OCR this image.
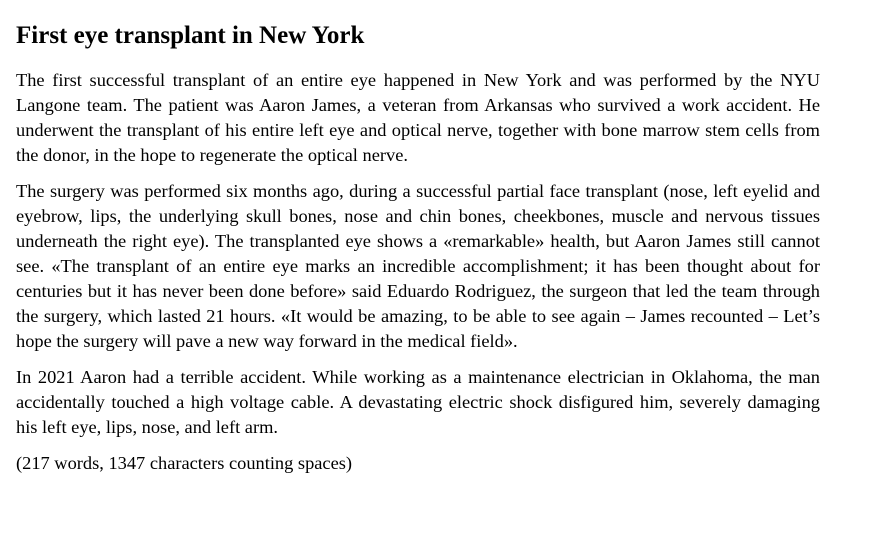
First eye transplant in New York

The first successful transplant of an entire eye happened in New York and was performed by the NYU Langone team. The patient was Aaron James, a veteran from Arkansas who survived a work accident. He underwent the transplant of his entire left eye and optical nerve, together with bone marrow stem cells from the donor, in the hope to regenerate the optical nerve.

The surgery was performed six months ago, during a successful partial face transplant (nose, left eyelid and eyebrow, lips, the underlying skull bones, nose and chin bones, cheekbones, muscle and nervous tissues underneath the right eye). The transplanted eye shows a «remarkable» health, but Aaron James still cannot see. «The transplant of an entire eye marks an incredible accomplishment; it has been thought about for centuries but it has never been done before» said Eduardo Rodriguez, the surgeon that led the team through the surgery, which lasted 21 hours. «It would be amazing, to be able to see again – James recounted – Let’s hope the surgery will pave a new way forward in the medical field».

In 2021 Aaron had a terrible accident. While working as a maintenance electrician in Oklahoma, the man accidentally touched a high voltage cable. A devastating electric shock disfigured him, severely damaging his left eye, lips, nose, and left arm.

(217 words, 1347 characters counting spaces)
